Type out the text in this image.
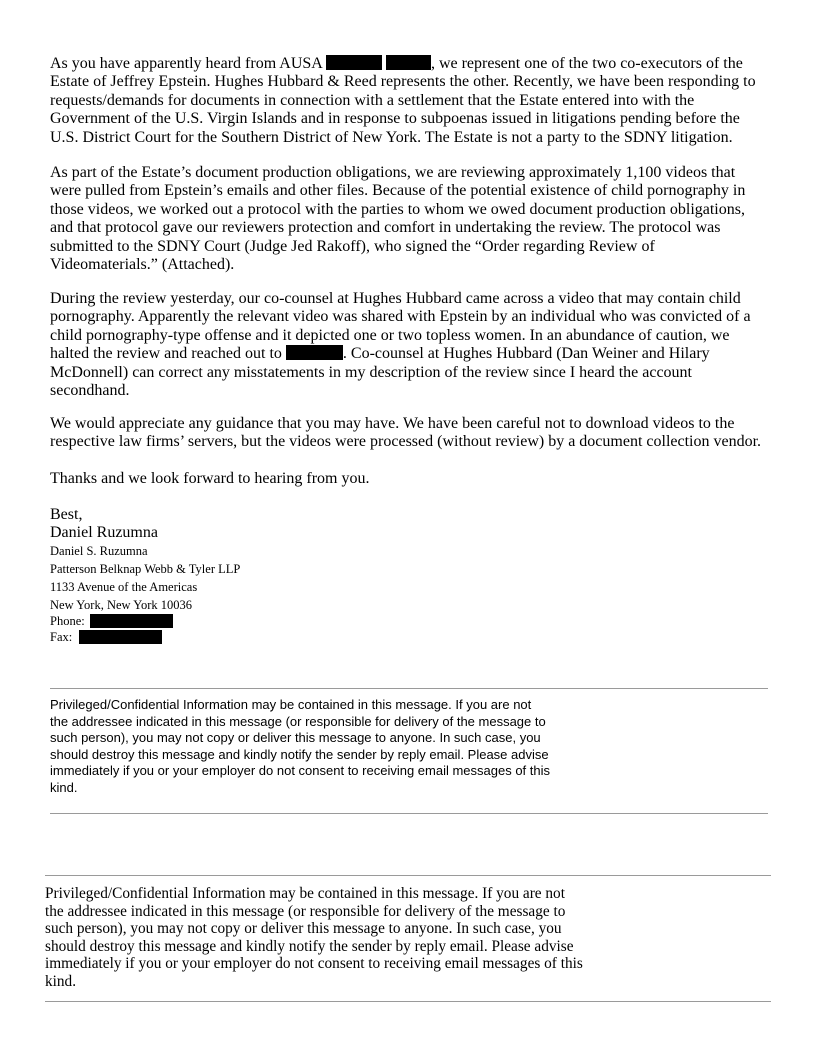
As you have apparently heard from AUSA	, we represent one of the two co-executors of the
Estate of Jeffrey Epstein. Hughes Hubbard & Reed represents the other. Recently, we have been responding to
requests/demands for documents in connection with a settlement that the Estate entered into with the
Government of the U.S. Virgin Islands and in response to subpoenas issued in litigations pending before the
U.S. District Court for the Southern District of New York. The Estate is not a party to the SDNY litigation.
As part of the Estate’s document production obligations, we are reviewing approximately 1,100 videos that
were pulled from Epstein’s emails and other files. Because of the potential existence of child pornography in
those videos, we worked out a protocol with the parties to whom we owed document production obligations,
and that protocol gave our reviewers protection and comfort in undertaking the review. The protocol was
submitted to the SDNY Court (Judge Jed Rakoff), who signed the “Order regarding Review of
Videomaterials.” (Attached).
During the review yesterday, our co-counsel at Hughes Hubbard came across a video that may contain child
pornography. Apparently the relevant video was shared with Epstein by an individual who was convicted of a
child pornography-type offense and it depicted one or two topless women. In an abundance of caution, we
halted the review and reached out to	. Co-counsel at Hughes Hubbard (Dan Weiner and Hilary
McDonnell) can correct any misstatements in my description of the review since I heard the account
secondhand.
We would appreciate any guidance that you may have. We have been careful not to download videos to the
respective law firms’ servers, but the videos were processed (without review) by a document collection vendor.
Thanks and we look forward to hearing from you.
Best,
Daniel Ruzumna
Daniel S. Ruzumna
Patterson Belknap Webb & Tyler LLP
1133 Avenue of the Americas
New York, New York 10036
Phone:
Fax:
Privileged/Confidential Information may be contained in this message. If you are not
the addressee indicated in this message (or responsible for delivery of the message to
such person), you may not copy or deliver this message to anyone. In such case, you
should destroy this message and kindly notify the sender by reply email. Please advise
immediately if you or your employer do not consent to receiving email messages of this
kind.
Privileged/Confidential Information may be contained in this message. If you are not
the addressee indicated in this message (or responsible for delivery of the message to
such person), you may not copy or deliver this message to anyone. In such case, you
should destroy this message and kindly notify the sender by reply email. Please advise
immediately if you or your employer do not consent to receiving email messages of this
kind.
